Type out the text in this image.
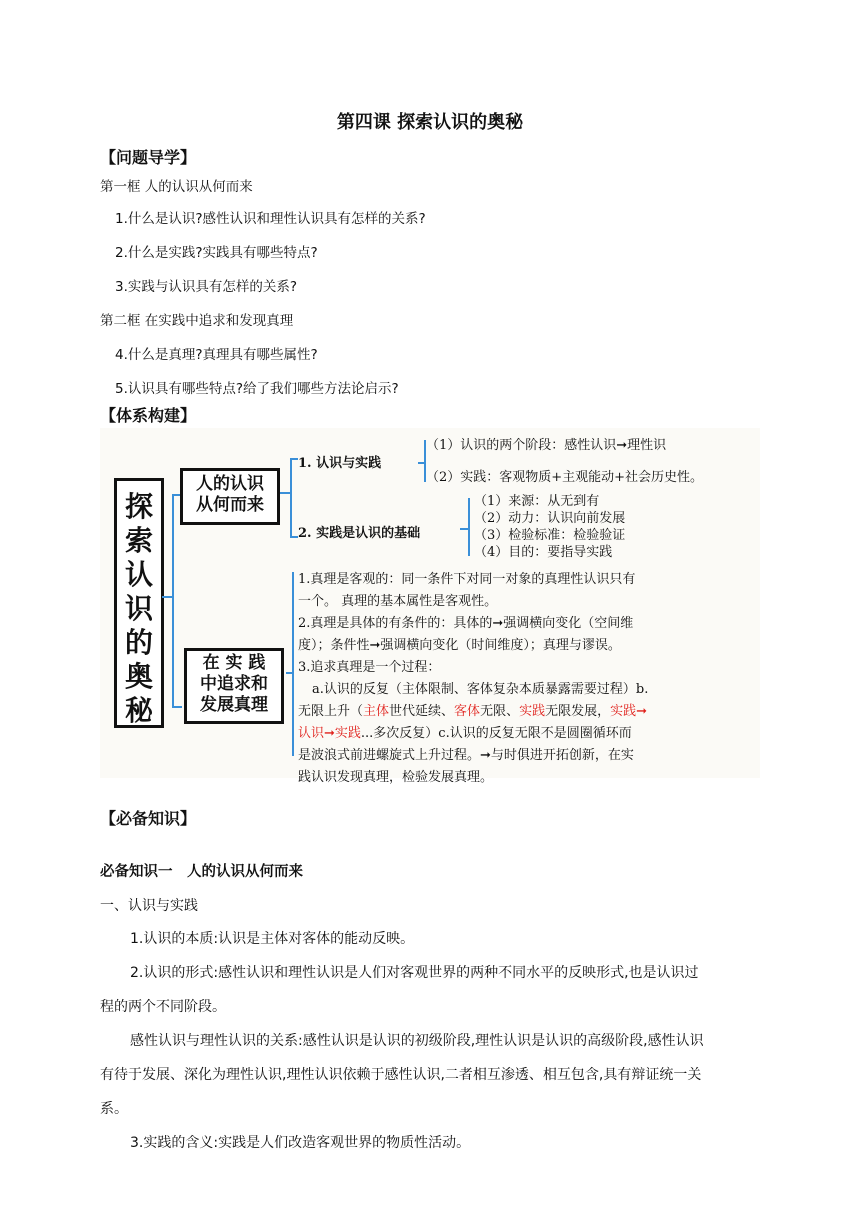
第四课 探索认识的奥秘
【问题导学】
第一框 人的认识从何而来
1.什么是认识?感性认识和理性认识具有怎样的关系?
2.什么是实践?实践具有哪些特点?
3.实践与认识具有怎样的关系?
第二框 在实践中追求和发现真理
4.什么是真理?真理具有哪些属性?
5.认识具有哪些特点?给了我们哪些方法论启示?
【体系构建】
探
索
认
识
的
奥
秘
人的认识
从何而来
在 实 践
中追求和
发展真理
1. 认识与实践
（1）认识的两个阶段：感性认识➞理性识
（2）实践：客观物质+主观能动+社会历史性。
2. 实践是认识的基础
（1）来源：从无到有
（2）动力：认识向前发展
（3）检验标准：检验验证
（4）目的：要指导实践
1.真理是客观的：同一条件下对同一对象的真理性认识只有
一个。 真理的基本属性是客观性。
2.真理是具体的有条件的：具体的➞强调横向变化（空间维
度）；条件性➞强调横向变化（时间维度）；真理与谬误。
3.追求真理是一个过程：
a.认识的反复（主体限制、客体复杂本质暴露需要过程）b.
无限上升（主体世代延续、客体无限、实践无限发展，实践➞
认识➞实践...多次反复）c.认识的反复无限不是圆圈循环而
是波浪式前进螺旋式上升过程。➞与时俱进开拓创新，在实
践认识发现真理，检验发展真理。
【必备知识】
必备知识一　人的认识从何而来
一、认识与实践
1.认识的本质:认识是主体对客体的能动反映。
2.认识的形式:感性认识和理性认识是人们对客观世界的两种不同水平的反映形式,也是认识过
程的两个不同阶段。
感性认识与理性认识的关系:感性认识是认识的初级阶段,理性认识是认识的高级阶段,感性认识
有待于发展、深化为理性认识,理性认识依赖于感性认识,二者相互渗透、相互包含,具有辩证统一关
系。
3.实践的含义:实践是人们改造客观世界的物质性活动。
